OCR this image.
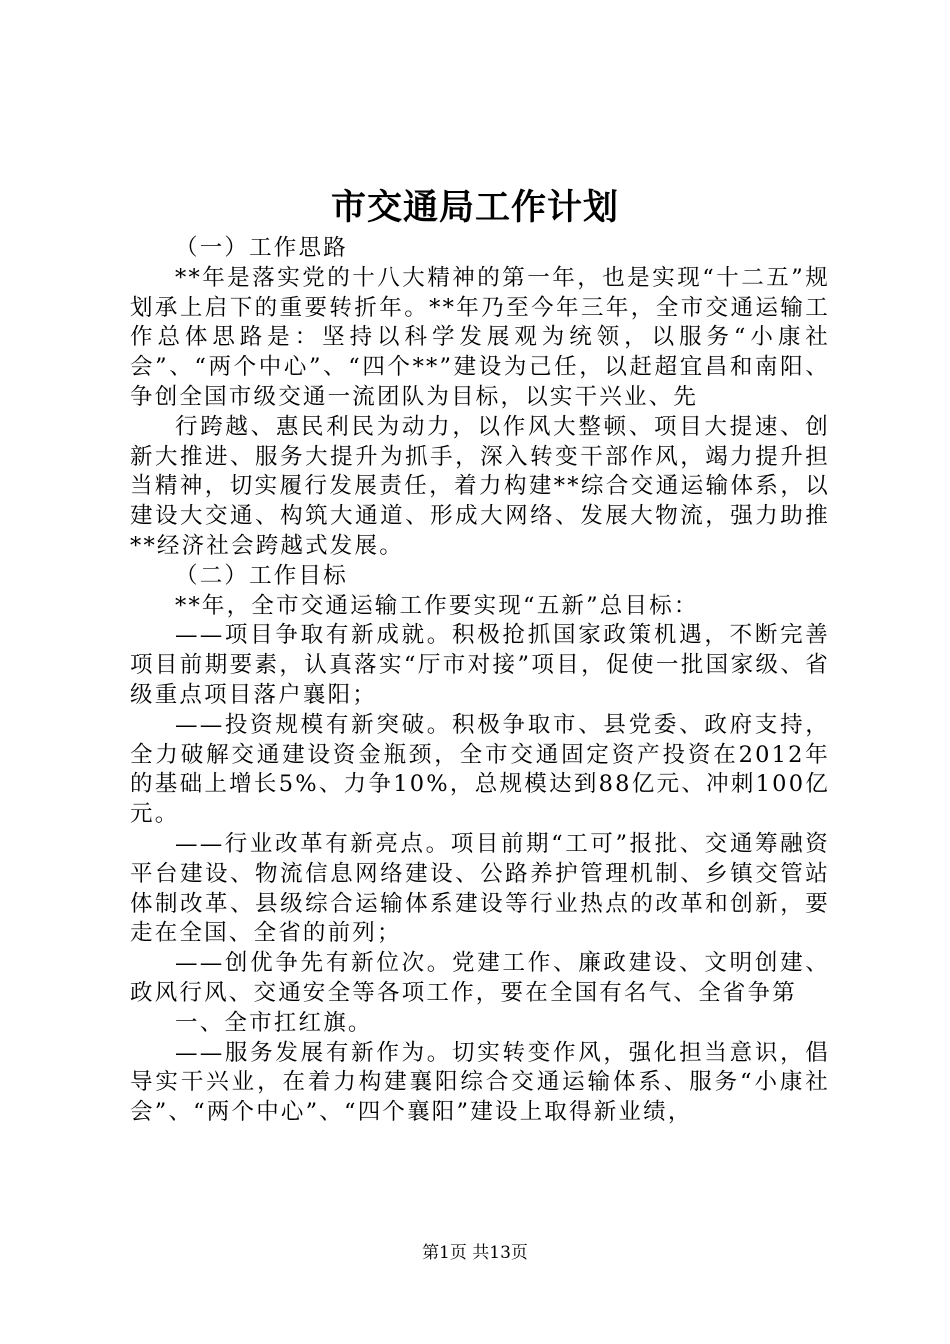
市交通局工作计划

（一）工作思路

**年是落实党的十八大精神的第一年，也是实现“十二五”规划承上启下的重要转折年。**年乃至今年三年，全市交通运输工作总体思路是：坚持以科学发展观为统领，以服务“小康社会”、“两个中心”、“四个**”建设为己任，以赶超宜昌和南阳、争创全国市级交通一流团队为目标，以实干兴业、先

行跨越、惠民利民为动力，以作风大整顿、项目大提速、创新大推进、服务大提升为抓手，深入转变干部作风，竭力提升担当精神，切实履行发展责任，着力构建**综合交通运输体系，以建设大交通、构筑大通道、形成大网络、发展大物流，强力助推**经济社会跨越式发展。

（二）工作目标

**年，全市交通运输工作要实现“五新”总目标：

——项目争取有新成就。积极抢抓国家政策机遇，不断完善项目前期要素，认真落实“厅市对接”项目，促使一批国家级、省级重点项目落户襄阳；

——投资规模有新突破。积极争取市、县党委、政府支持，全力破解交通建设资金瓶颈，全市交通固定资产投资在2012年的基础上增长5%、力争10%，总规模达到88亿元、冲刺100亿元。

——行业改革有新亮点。项目前期“工可”报批、交通筹融资平台建设、物流信息网络建设、公路养护管理机制、乡镇交管站体制改革、县级综合运输体系建设等行业热点的改革和创新，要走在全国、全省的前列；

——创优争先有新位次。党建工作、廉政建设、文明创建、政风行风、交通安全等各项工作，要在全国有名气、全省争第

一、全市扛红旗。

——服务发展有新作为。切实转变作风，强化担当意识，倡导实干兴业，在着力构建襄阳综合交通运输体系、服务“小康社会”、“两个中心”、“四个襄阳”建设上取得新业绩，

第1页 共13页
